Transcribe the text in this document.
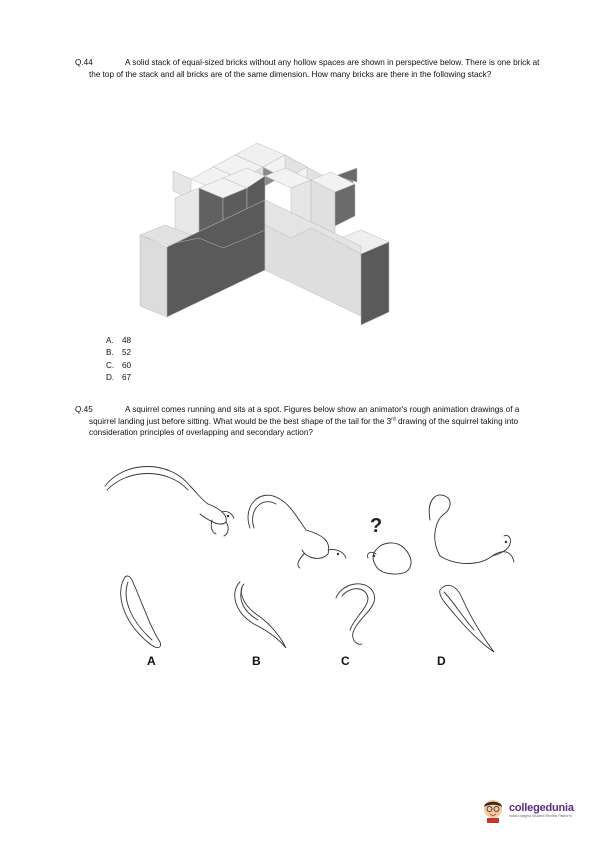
Q.44	A solid stack of equal-sized bricks without any hollow spaces are shown in perspective below. There is one brick at the top of the stack and all bricks are of the same dimension. How many bricks are there in the following stack?
A.	48
B.	52
C. 60
D. 67
Q.45	A squirrel comes running and sits at a spot. Figures below show an animator's rough animation drawings of a squirrel landing just before sitting. What would be the best shape of the tail for the 3rd drawing of the squirrel taking into consideration principles of overlapping and secondary action?
?
A	B	C	D
collegedunia
India's largest Student Review Platform
